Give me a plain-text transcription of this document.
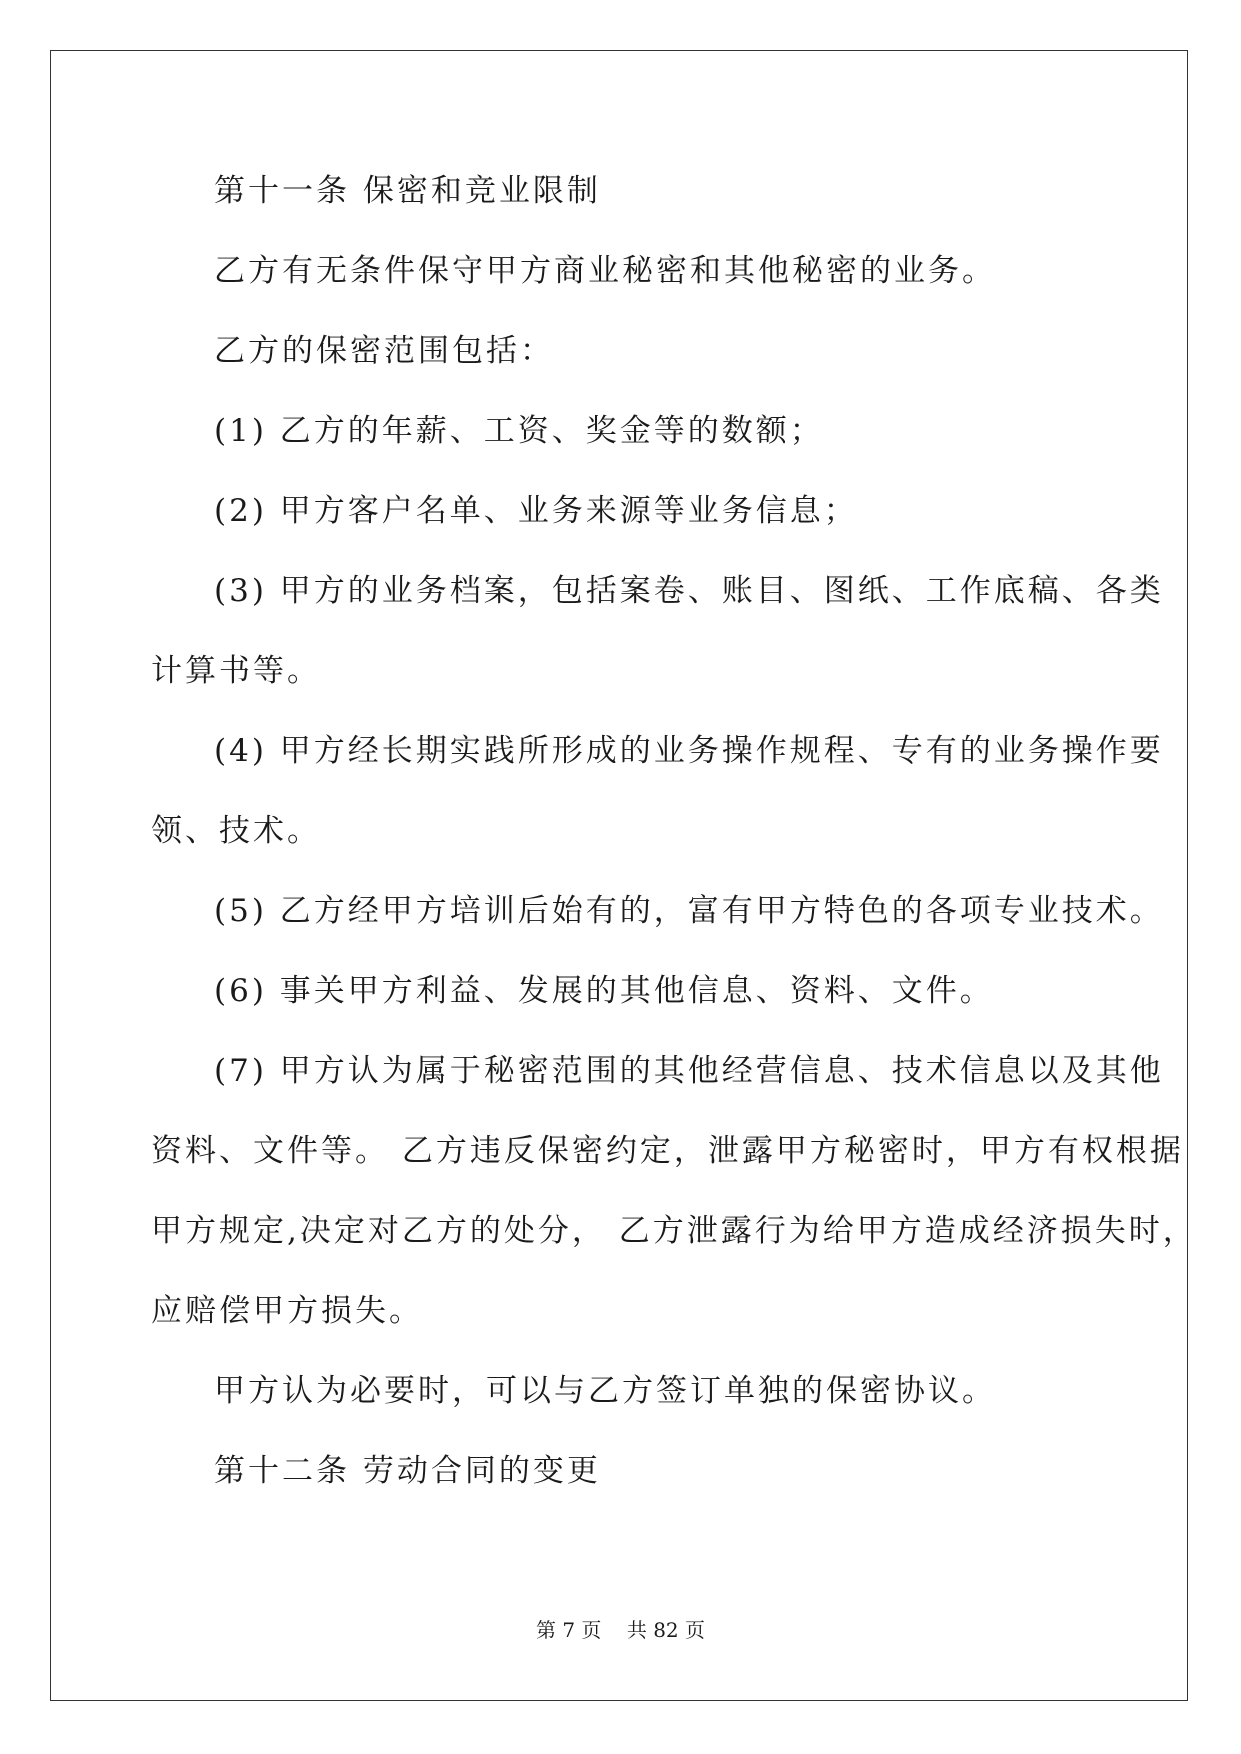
第十一条 保密和竞业限制
乙方有无条件保守甲方商业秘密和其他秘密的业务。
乙方的保密范围包括：
(1) 乙方的年薪、工资、奖金等的数额；
(2) 甲方客户名单、业务来源等业务信息；
(3) 甲方的业务档案，包括案卷、账目、图纸、工作底稿、各类
计算书等。
(4) 甲方经长期实践所形成的业务操作规程、专有的业务操作要
领、技术。
(5) 乙方经甲方培训后始有的，富有甲方特色的各项专业技术。
(6) 事关甲方利益、发展的其他信息、资料、文件。
(7) 甲方认为属于秘密范围的其他经营信息、技术信息以及其他
资料、文件等。 乙方违反保密约定，泄露甲方秘密时，甲方有权根据
甲方规定,决定对乙方的处分， 乙方泄露行为给甲方造成经济损失时，
应赔偿甲方损失。
甲方认为必要时，可以与乙方签订单独的保密协议。
第十二条 劳动合同的变更
第 7 页    共 82 页
